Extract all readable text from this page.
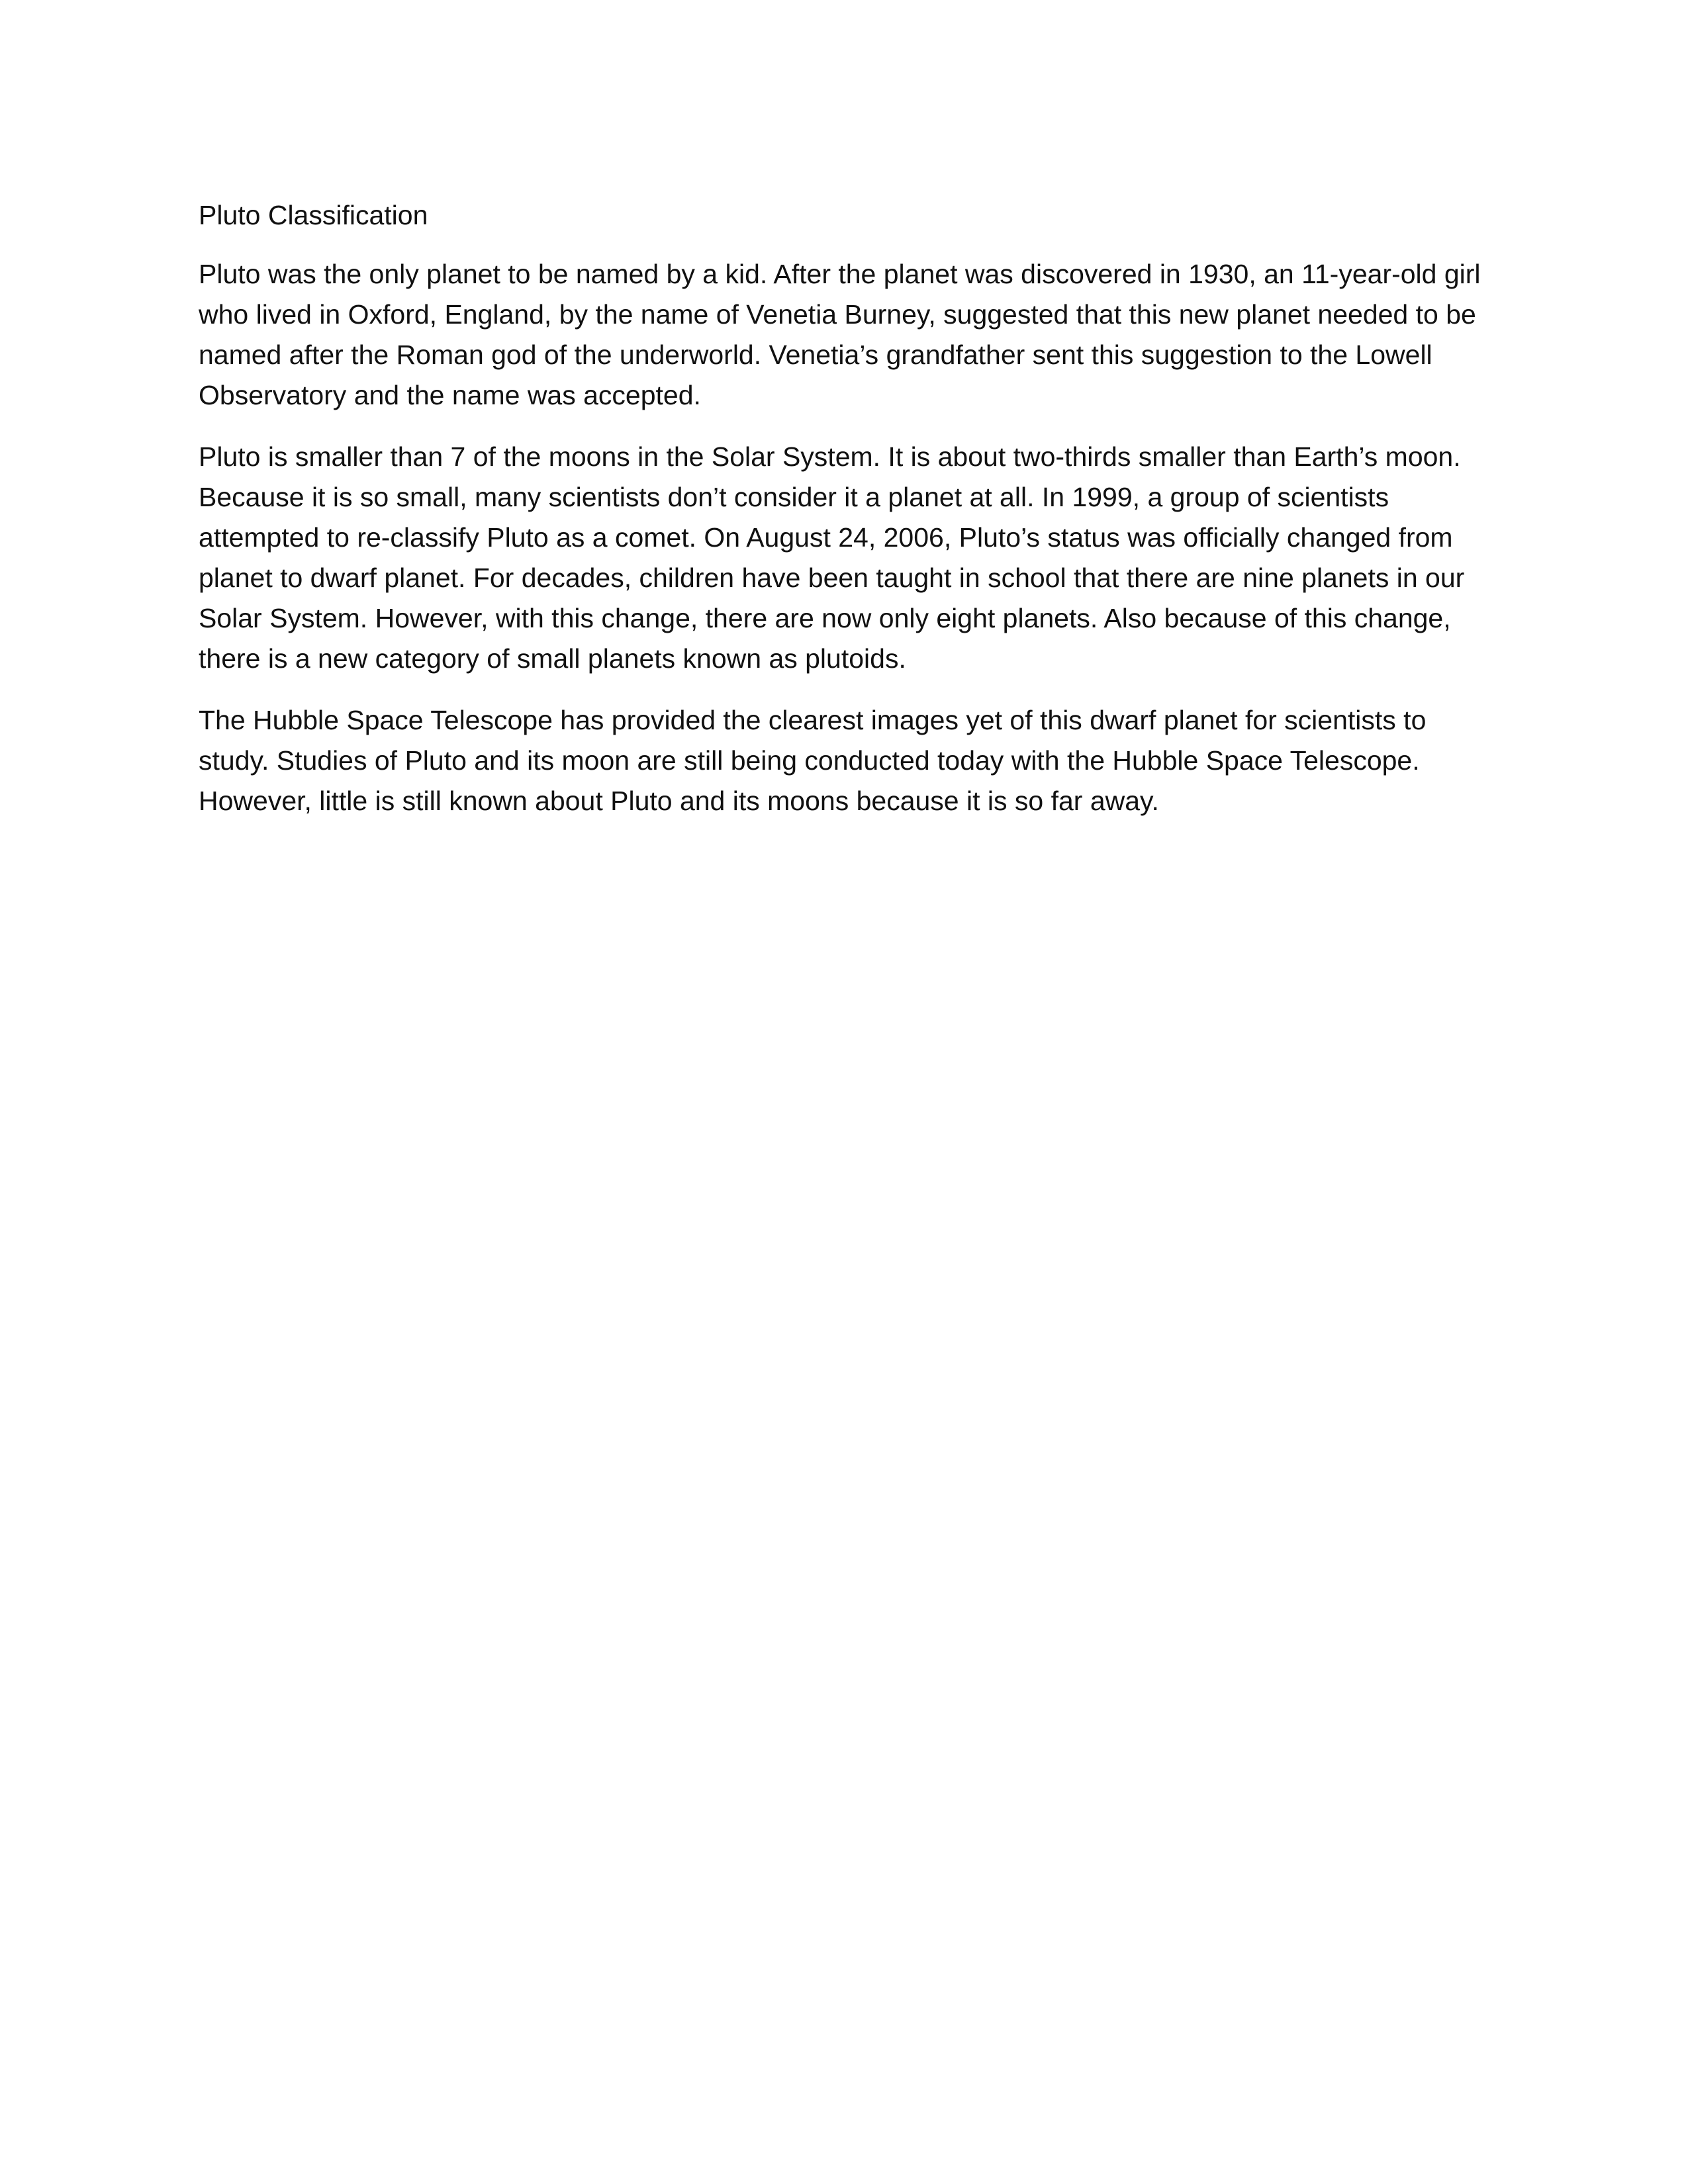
Pluto Classification

Pluto was the only planet to be named by a kid. After the planet was discovered in 1930, an 11-year-old girl who lived in Oxford, England, by the name of Venetia Burney, suggested that this new planet needed to be named after the Roman god of the underworld. Venetia’s grandfather sent this suggestion to the Lowell Observatory and the name was accepted.

Pluto is smaller than 7 of the moons in the Solar System. It is about two-thirds smaller than Earth’s moon. Because it is so small, many scientists don’t consider it a planet at all. In 1999, a group of scientists attempted to re-classify Pluto as a comet. On August 24, 2006, Pluto’s status was officially changed from planet to dwarf planet. For decades, children have been taught in school that there are nine planets in our Solar System. However, with this change, there are now only eight planets. Also because of this change, there is a new category of small planets known as plutoids.

The Hubble Space Telescope has provided the clearest images yet of this dwarf planet for scientists to study. Studies of Pluto and its moon are still being conducted today with the Hubble Space Telescope. However, little is still known about Pluto and its moons because it is so far away.
